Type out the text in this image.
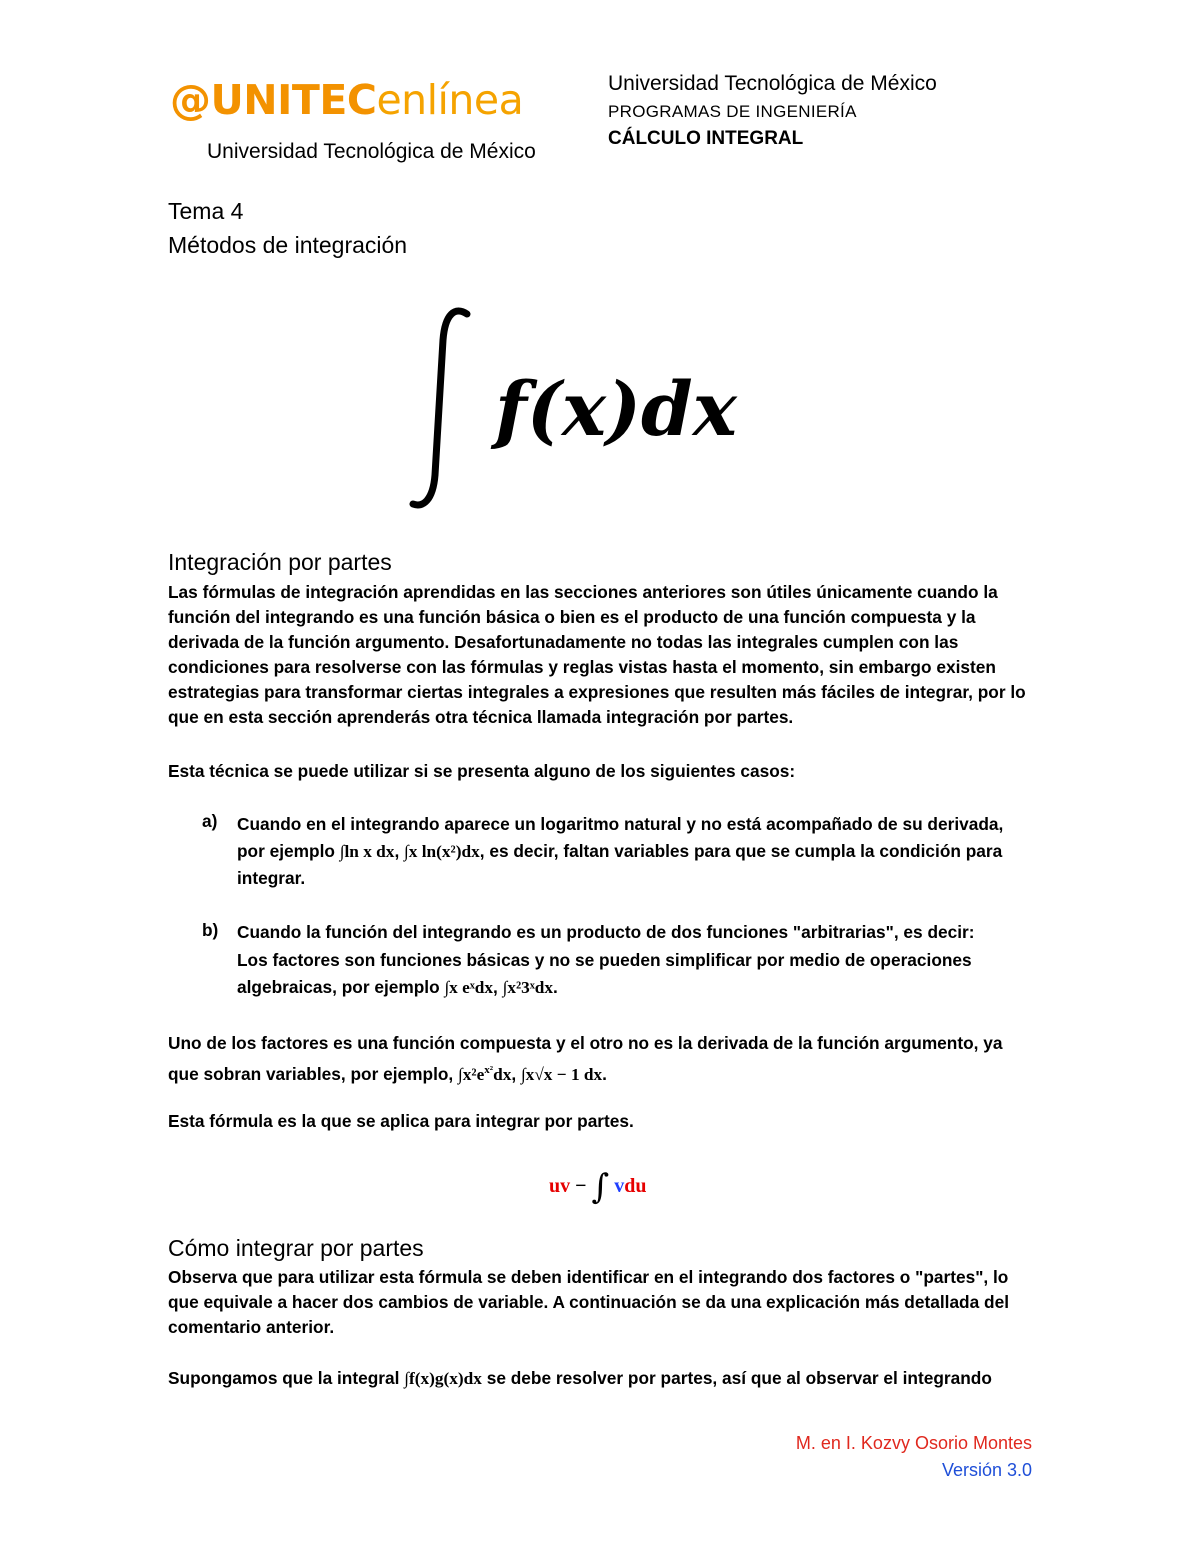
@UNITECenlínea
Universidad Tecnológica de México
Universidad Tecnológica de México
PROGRAMAS DE INGENIERÍA
CÁLCULO INTEGRAL
Tema 4
Métodos de integración
f(x)dx
Integración por partes
Las fórmulas de integración aprendidas en las secciones anteriores son útiles únicamente cuando la función del integrando es una función básica o bien es el producto de una función compuesta y la derivada de la función argumento. Desafortunadamente no todas las integrales cumplen con las condiciones para resolverse con las fórmulas y reglas vistas hasta el momento, sin embargo existen estrategias para transformar ciertas integrales a expresiones que resulten más fáciles de integrar, por lo que en esta sección aprenderás otra técnica llamada integración por partes.
Esta técnica se puede utilizar si se presenta alguno de los siguientes casos:
a) Cuando en el integrando aparece un logaritmo natural y no está acompañado de su derivada, por ejemplo ∫ln x dx, ∫x ln(x²)dx, es decir, faltan variables para que se cumpla la condición para integrar.
b) Cuando la función del integrando es un producto de dos funciones "arbitrarias", es decir:
Los factores son funciones básicas y no se pueden simplificar por medio de operaciones algebraicas, por ejemplo ∫x eˣdx, ∫x²3ˣdx.
Uno de los factores es una función compuesta y el otro no es la derivada de la función argumento, ya que sobran variables, por ejemplo, $\int x^2e^{x^2}dx$, ∫x√x − 1 dx.
Esta fórmula es la que se aplica para integrar por partes.
uv − ∫ vdu
Cómo integrar por partes
Observa que para utilizar esta fórmula se deben identificar en el integrando dos factores o "partes", lo que equivale a hacer dos cambios de variable. A continuación se da una explicación más detallada del comentario anterior.
Supongamos que la integral ∫f(x)g(x)dx se debe resolver por partes, así que al observar el integrando
M. en I. Kozvy Osorio Montes
Versión 3.0
